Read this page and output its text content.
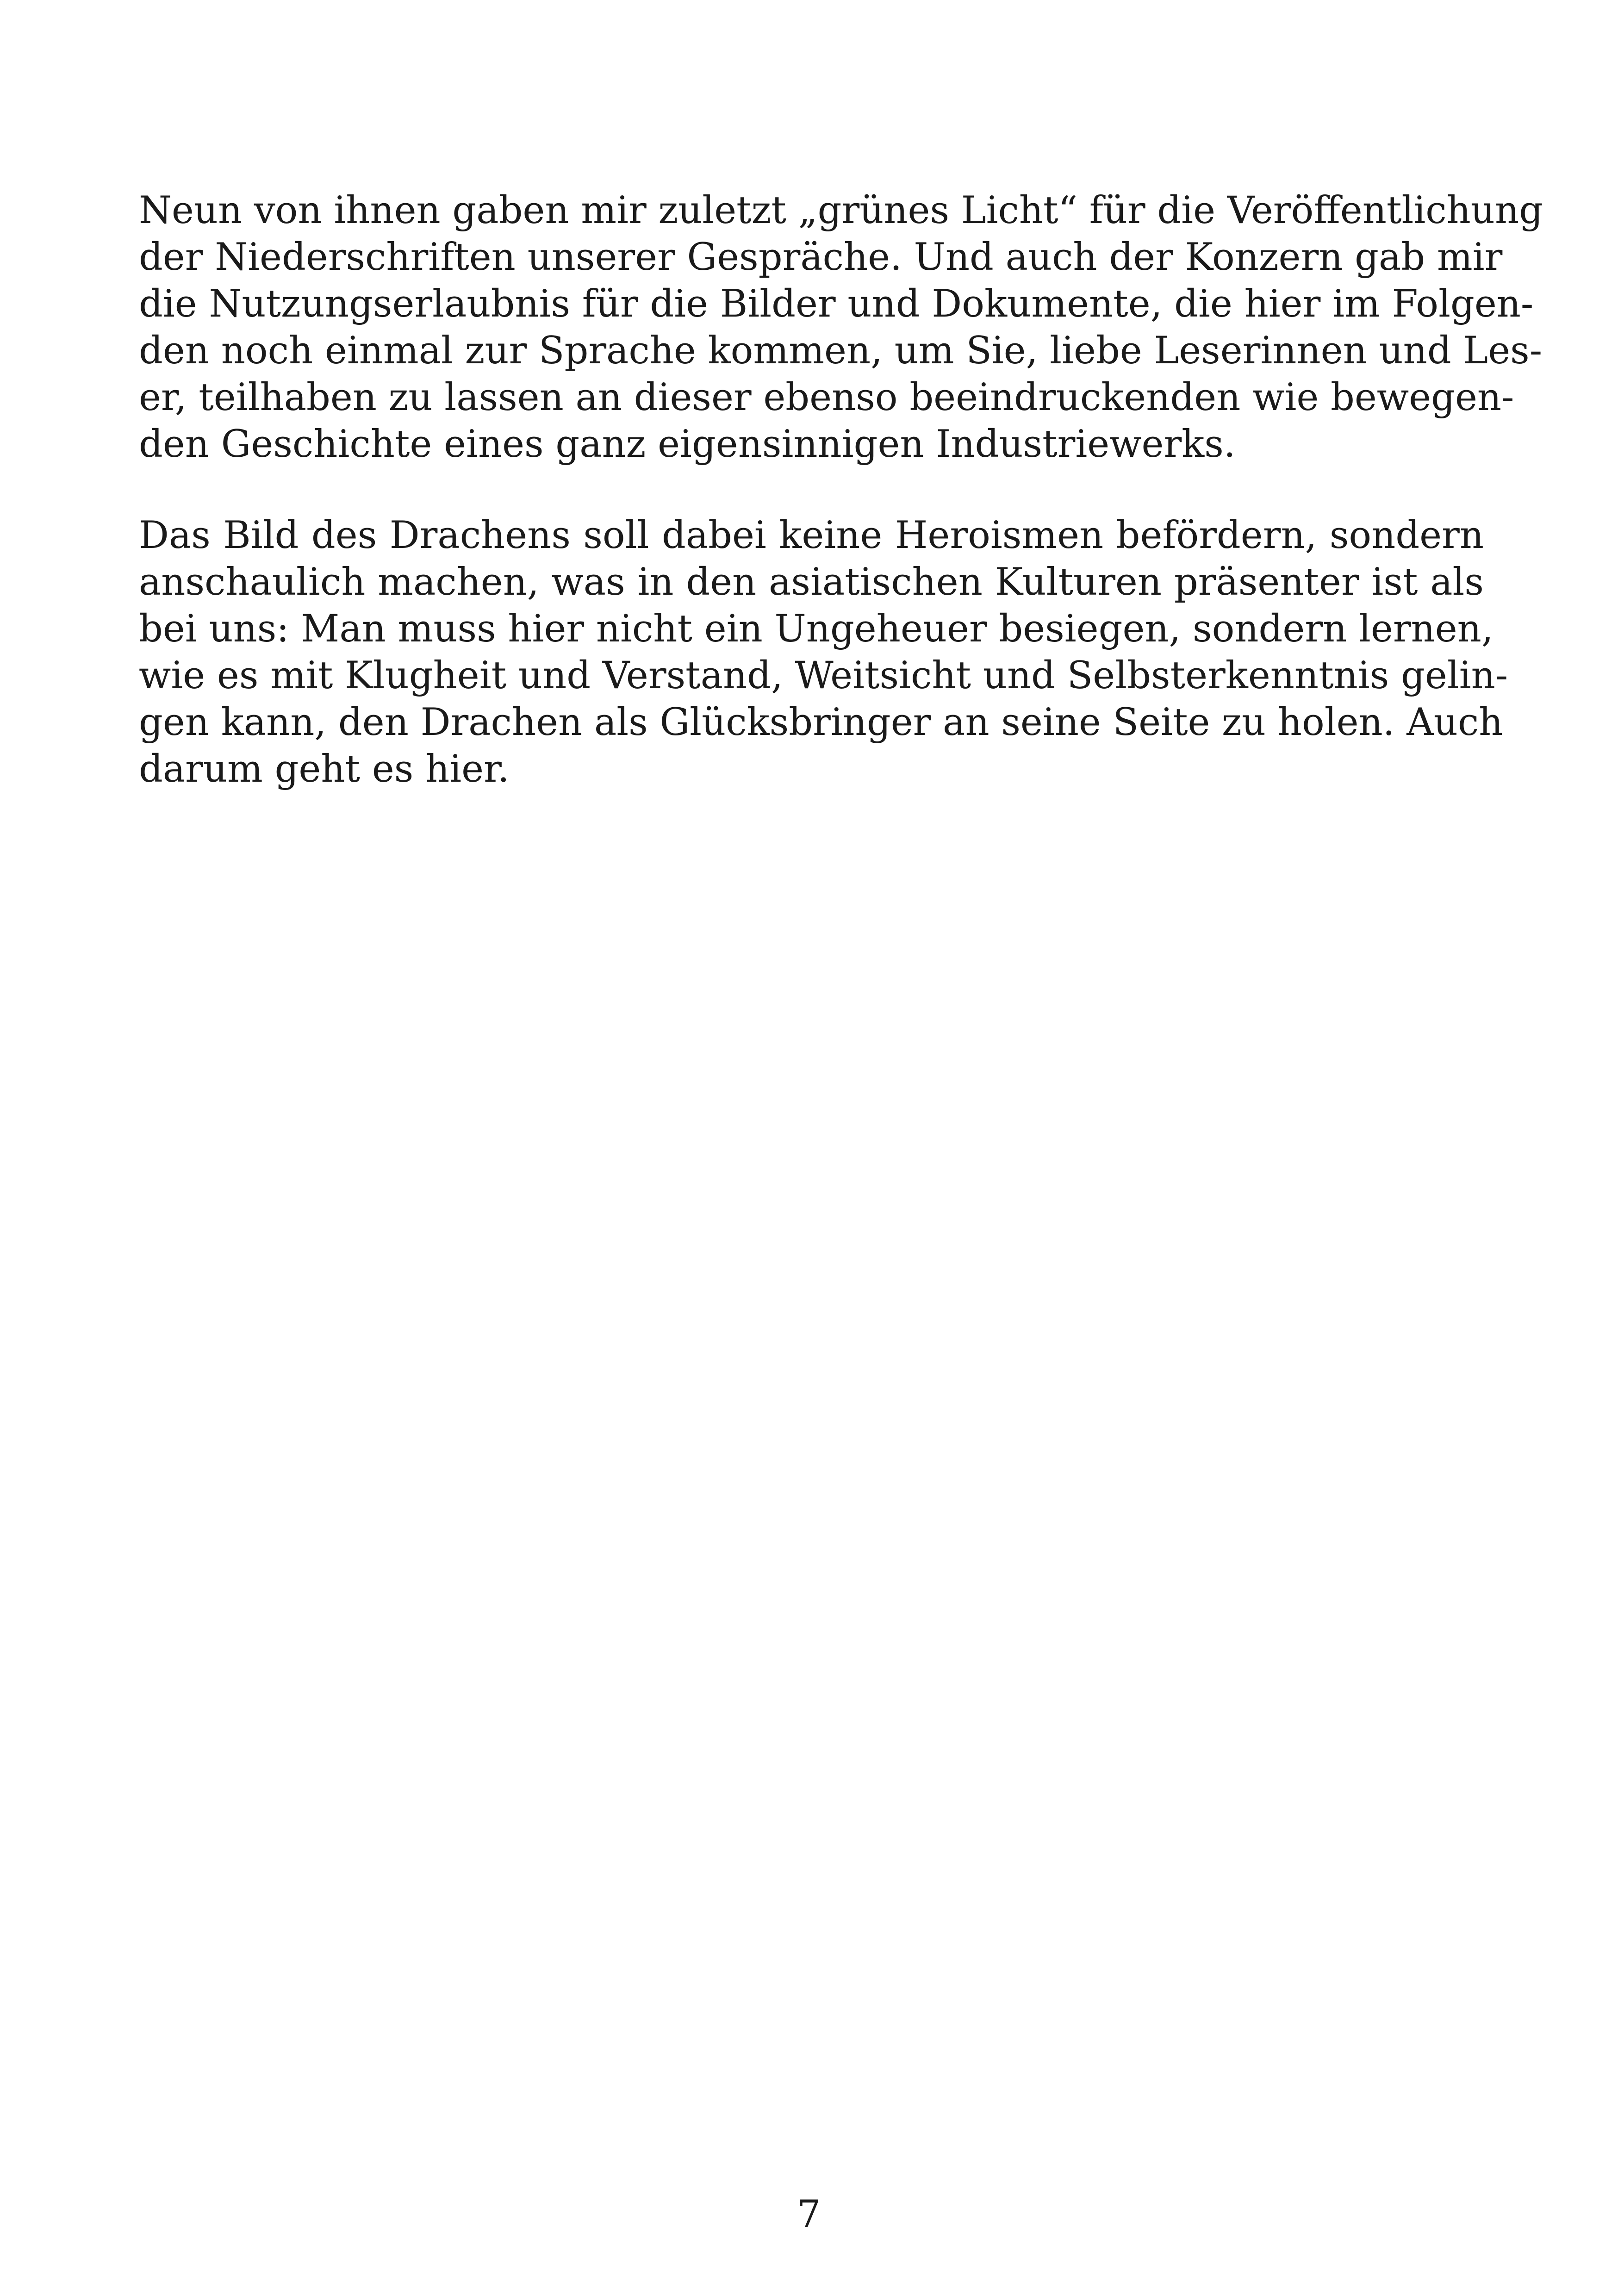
Neun von ihnen gaben mir zuletzt „grünes Licht“ für die Veröffentlichung
der Niederschriften unserer Gespräche. Und auch der Konzern gab mir
die Nutzungserlaubnis für die Bilder und Dokumente, die hier im Folgen-
den noch einmal zur Sprache kommen, um Sie, liebe Leserinnen und Les-
er, teilhaben zu lassen an dieser ebenso beeindruckenden wie bewegen-
den Geschichte eines ganz eigensinnigen Industriewerks.
Das Bild des Drachens soll dabei keine Heroismen befördern, sondern
anschaulich machen, was in den asiatischen Kulturen präsenter ist als
bei uns: Man muss hier nicht ein Ungeheuer besiegen, sondern lernen,
wie es mit Klugheit und Verstand, Weitsicht und Selbsterkenntnis gelin-
gen kann, den Drachen als Glücksbringer an seine Seite zu holen. Auch
darum geht es hier.
7
